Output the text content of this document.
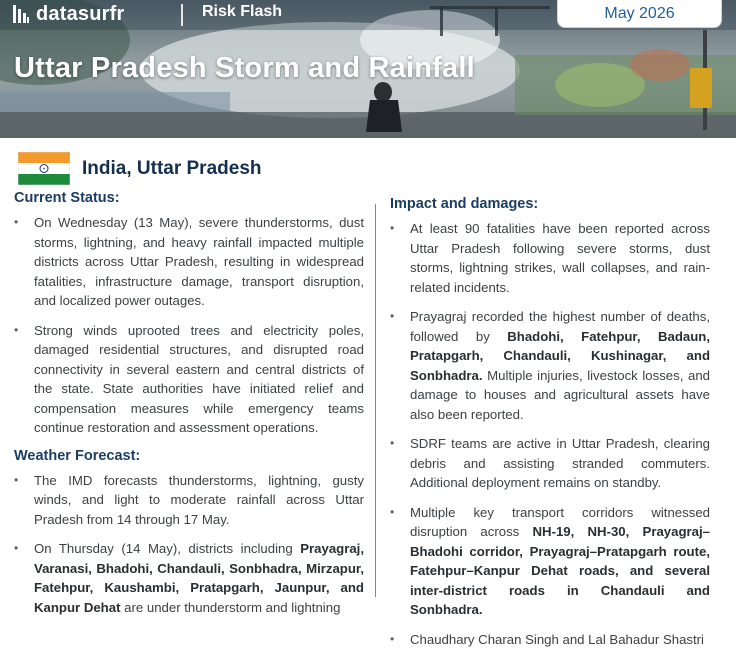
datasurfr	Risk Flash	May 2026
Uttar Pradesh Storm and Rainfall
India, Uttar Pradesh
Current Status:
• On Wednesday (13 May), severe thunderstorms, dust storms, lightning, and heavy rainfall impacted multiple districts across Uttar Pradesh, resulting in widespread fatalities, infrastructure damage, transport disruption, and localized power outages.
• Strong winds uprooted trees and electricity poles, damaged residential structures, and disrupted road connectivity in several eastern and central districts of the state. State authorities have initiated relief and compensation measures while emergency teams continue restoration and assessment operations.
Weather Forecast:
• The IMD forecasts thunderstorms, lightning, gusty winds, and light to moderate rainfall across Uttar Pradesh from 14 through 17 May.
• On Thursday (14 May), districts including Prayagraj, Varanasi, Bhadohi, Chandauli, Sonbhadra, Mirzapur, Fatehpur, Kaushambi, Pratapgarh, Jaunpur, and Kanpur Dehat are under thunderstorm and lightning
Impact and damages:
• At least 90 fatalities have been reported across Uttar Pradesh following severe storms, dust storms, lightning strikes, wall collapses, and rain-related incidents.
• Prayagraj recorded the highest number of deaths, followed by Bhadohi, Fatehpur, Badaun, Pratapgarh, Chandauli, Kushinagar, and Sonbhadra. Multiple injuries, livestock losses, and damage to houses and agricultural assets have also been reported.
• SDRF teams are active in Uttar Pradesh, clearing debris and assisting stranded commuters. Additional deployment remains on standby.
• Multiple key transport corridors witnessed disruption across NH-19, NH-30, Prayagraj–Bhadohi corridor, Prayagraj–Pratapgarh route, Fatehpur–Kanpur Dehat roads, and several inter-district roads in Chandauli and Sonbhadra.
• Chaudhary Charan Singh and Lal Bahadur Shastri
